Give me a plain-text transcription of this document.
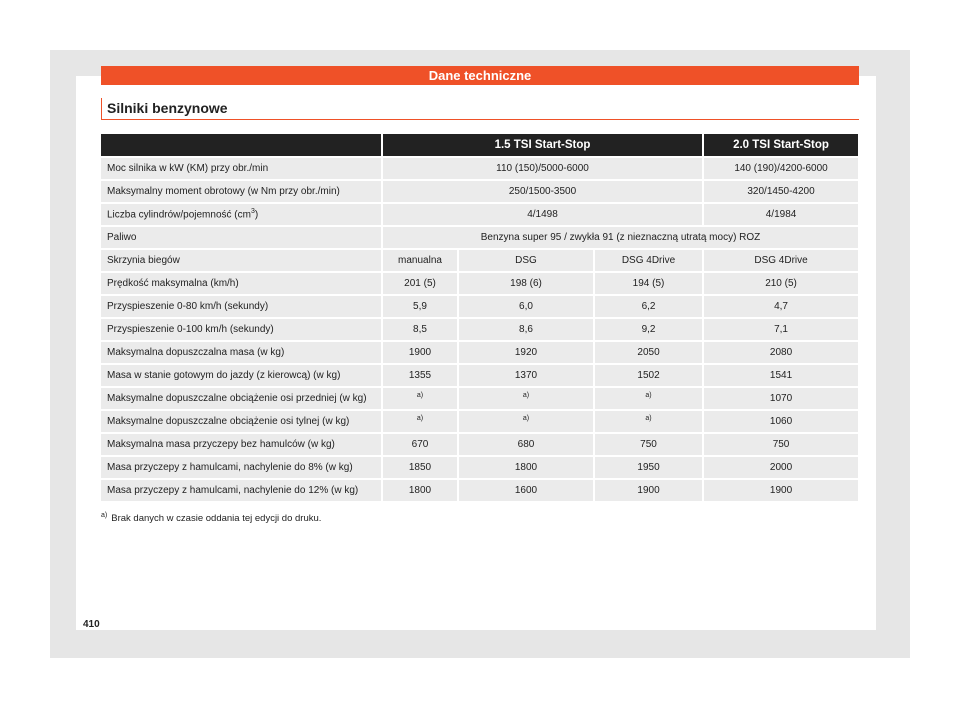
Dane techniczne
Silniki benzynowe
	1.5 TSI Start-Stop			2.0 TSI Start-Stop
Moc silnika w kW (KM) przy obr./min	110 (150)/5000-6000			140 (190)/4200-6000
Maksymalny moment obrotowy (w Nm przy obr./min)	250/1500-3500			320/1450-4200
Liczba cylindrów/pojemność $(cm^3)$	4/1498			4/1984
Paliwo	Benzyna super 95 / zwykła 91 (z nieznaczną utratą mocy) ROZ			
Skrzynia biegów	manualna	DSG	DSG 4Drive	DSG 4Drive
Prędkość maksymalna (km/h)	201 (5)	198 (6)	194 (5)	210 (5)
Przyspieszenie 0-80 km/h (sekundy)	5,9	6,0	6,2	4,7
Przyspieszenie 0-100 km/h (sekundy)	8,5	8,6	9,2	7,1
Maksymalna dopuszczalna masa (w kg)	1900	1920	2050	2080
Masa w stanie gotowym do jazdy (z kierowcą) (w kg)	1355	1370	1502	1541
Maksymalne dopuszczalne obciążenie osi przedniej (w kg)	$^{a)}$	$^{a)}$	$^{a)}$	1070
Maksymalne dopuszczalne obciążenie osi tylnej (w kg)	$^{a)}$	$^{a)}$	$^{a)}$	1060
Maksymalna masa przyczepy bez hamulców (w kg)	670	680	750	750
Masa przyczepy z hamulcami, nachylenie do 8% (w kg)	1850	1800	1950	2000
Masa przyczepy z hamulcami, nachylenie do 12% (w kg)	1800	1600	1900	1900
$^{a)}$ Brak danych w czasie oddania tej edycji do druku.
410
